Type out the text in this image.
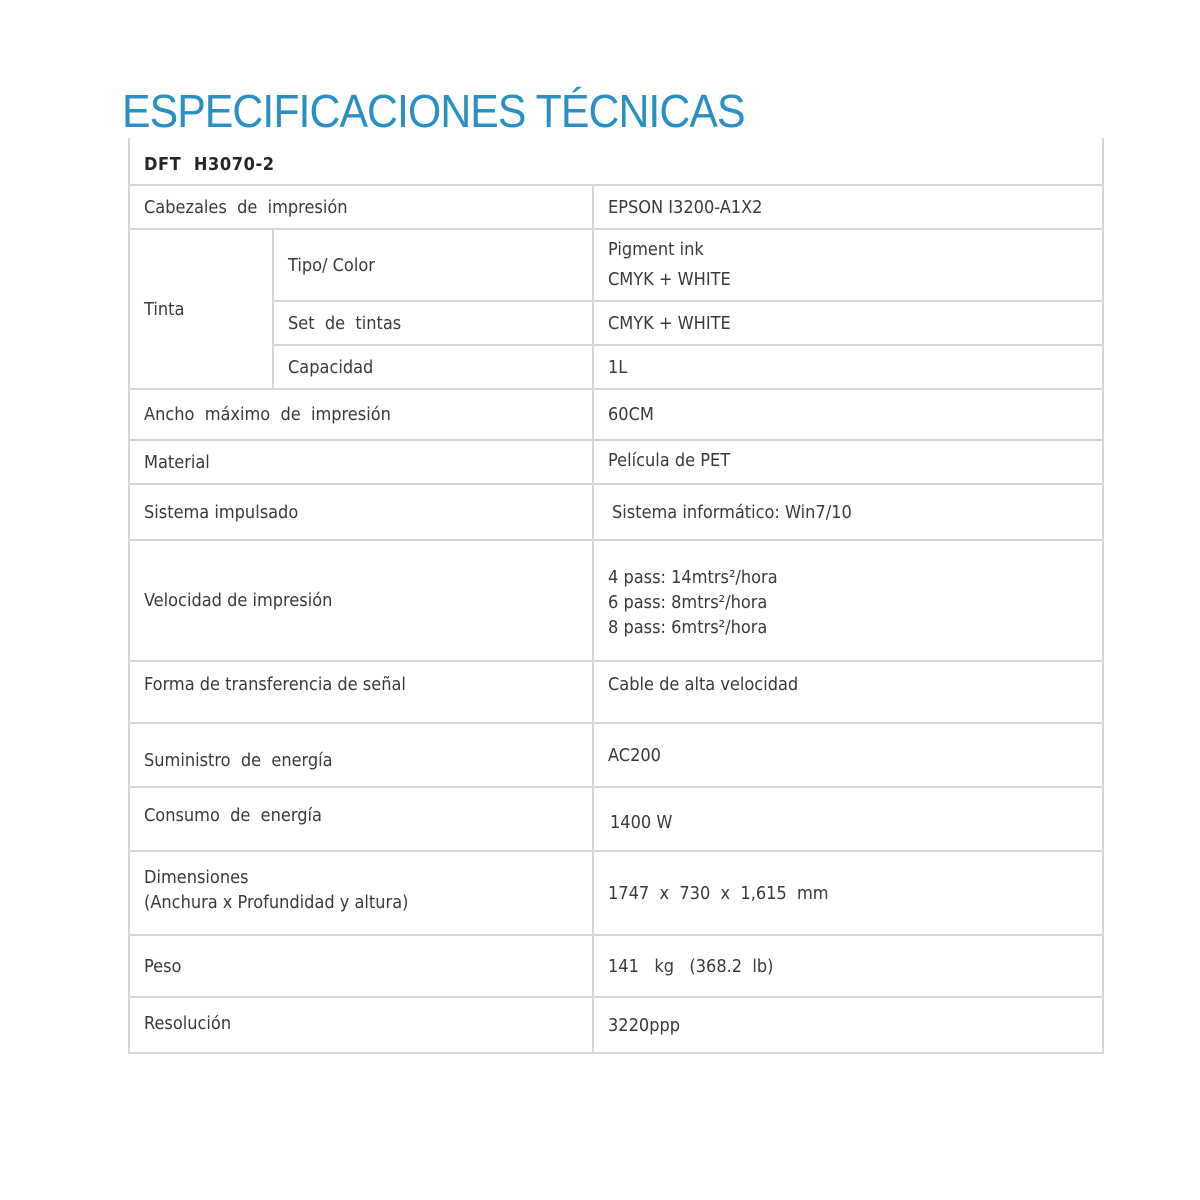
ESPECIFICACIONES TÉCNICAS
DFT  H3070-2		
Cabezales  de  impresión		EPSON I3200-A1X2
Tinta	Tipo/ Color	Pigment ink
CMYK + WHITE

	Set  de  tintas	CMYK + WHITE
	Capacidad	1L
Ancho  máximo  de  impresión		60CM
Material		Película de PET
Sistema impulsado		Sistema informático: Win7/10
Velocidad de impresión		4 pass: 14mtrs²/hora
6 pass: 8mtrs²/hora
8 pass: 6mtrs²/hora

Forma de transferencia de señal		Cable de alta velocidad
Suministro  de  energía		AC200
Consumo  de  energía		1400 W

Dimensiones
(Anchura x Profundidad y altura)		1747  x  730  x  1,615  mm
Peso		141   kg   (368.2  lb)
Resolución		3220ppp
